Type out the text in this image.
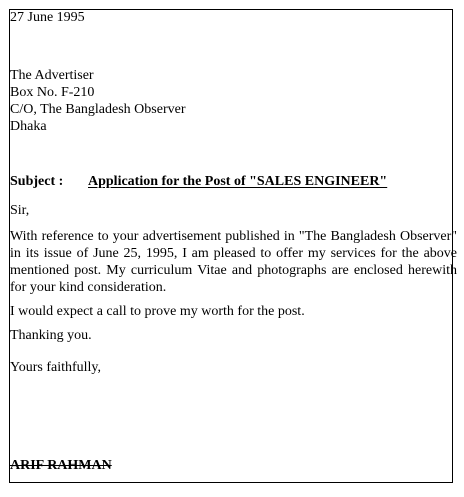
27 June 1995
The Advertiser
Box No. F-210
C/O, The Bangladesh Observer
Dhaka
Subject : Application for the Post of "SALES ENGINEER"
Sir,
With reference to your advertisement published in "The Bangladesh Observer" in its issue of June 25, 1995, I am pleased to offer my services for the above mentioned post. My curriculum Vitae and photographs are enclosed herewith for your kind consideration.
I would expect a call to prove my worth for the post.
Thanking you.
Yours faithfully,
ARIF RAHMAN
